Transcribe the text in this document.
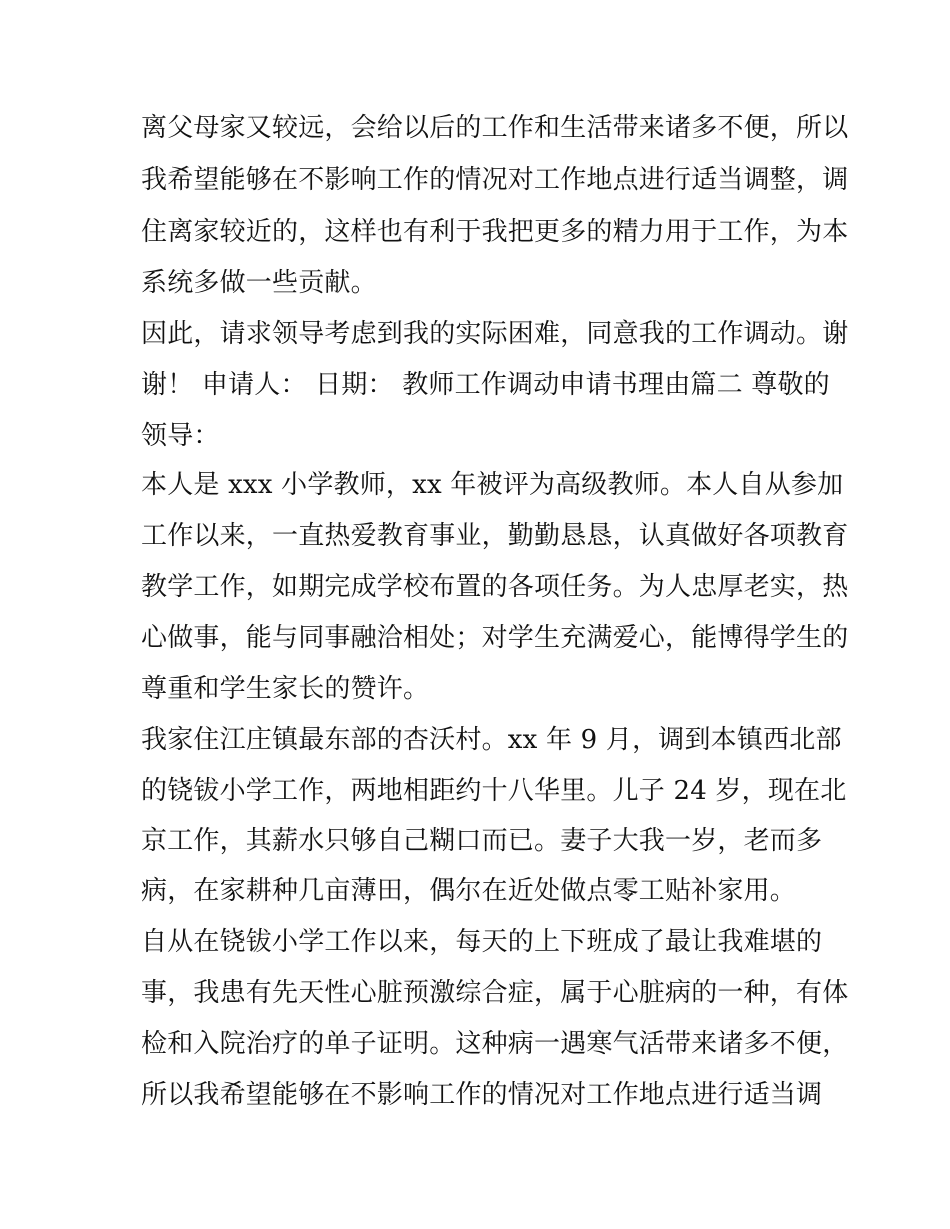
离父母家又较远，会给以后的工作和生活带来诸多不便，所以
我希望能够在不影响工作的情况对工作地点进行适当调整，调
住离家较近的，这样也有利于我把更多的精力用于工作，为本
系统多做一些贡献。
因此，请求领导考虑到我的实际困难，同意我的工作调动。谢
谢！ 申请人： 日期： 教师工作调动申请书理由篇二 尊敬的
领导：
本人是 xxx 小学教师，xx 年被评为高级教师。本人自从参加
工作以来，一直热爱教育事业，勤勤恳恳，认真做好各项教育
教学工作，如期完成学校布置的各项任务。为人忠厚老实，热
心做事，能与同事融洽相处；对学生充满爱心，能博得学生的
尊重和学生家长的赞许。
我家住江庄镇最东部的杏沃村。xx 年 9 月，调到本镇西北部
的铙钹小学工作，两地相距约十八华里。儿子 24 岁，现在北
京工作，其薪水只够自己糊口而已。妻子大我一岁，老而多
病，在家耕种几亩薄田，偶尔在近处做点零工贴补家用。
自从在铙钹小学工作以来，每天的上下班成了最让我难堪的
事，我患有先天性心脏预激综合症，属于心脏病的一种，有体
检和入院治疗的单子证明。这种病一遇寒气活带来诸多不便，
所以我希望能够在不影响工作的情况对工作地点进行适当调
